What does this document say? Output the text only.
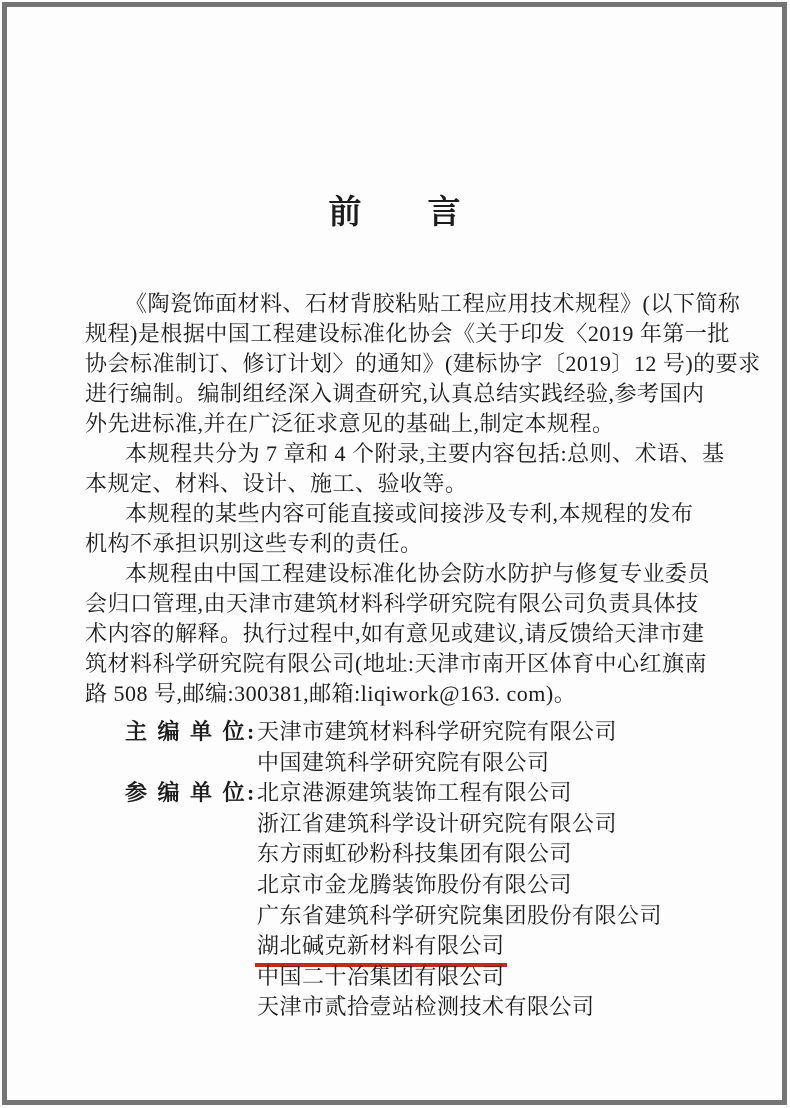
前 言
《陶瓷饰面材料、石材背胶粘贴工程应用技术规程》(以下简称
规程)是根据中国工程建设标准化协会《关于印发〈2019 年第一批
协会标准制订、修订计划〉的通知》(建标协字〔2019〕12 号)的要求
进行编制。编制组经深入调查研究,认真总结实践经验,参考国内
外先进标准,并在广泛征求意见的基础上,制定本规程。
本规程共分为 7 章和 4 个附录,主要内容包括:总则、术语、基
本规定、材料、设计、施工、验收等。
本规程的某些内容可能直接或间接涉及专利,本规程的发布
机构不承担识别这些专利的责任。
本规程由中国工程建设标准化协会防水防护与修复专业委员
会归口管理,由天津市建筑材料科学研究院有限公司负责具体技
术内容的解释。执行过程中,如有意见或建议,请反馈给天津市建
筑材料科学研究院有限公司(地址:天津市南开区体育中心红旗南
路 508 号,邮编:300381,邮箱:liqiwork@163. com)。
主 编 单 位: 天津市建筑材料科学研究院有限公司
中国建筑科学研究院有限公司
参 编 单 位: 北京港源建筑装饰工程有限公司
浙江省建筑科学设计研究院有限公司
东方雨虹砂粉科技集团有限公司
北京市金龙腾装饰股份有限公司
广东省建筑科学研究院集团股份有限公司
湖北碱克新材料有限公司
中国二十冶集团有限公司
天津市贰拾壹站检测技术有限公司
